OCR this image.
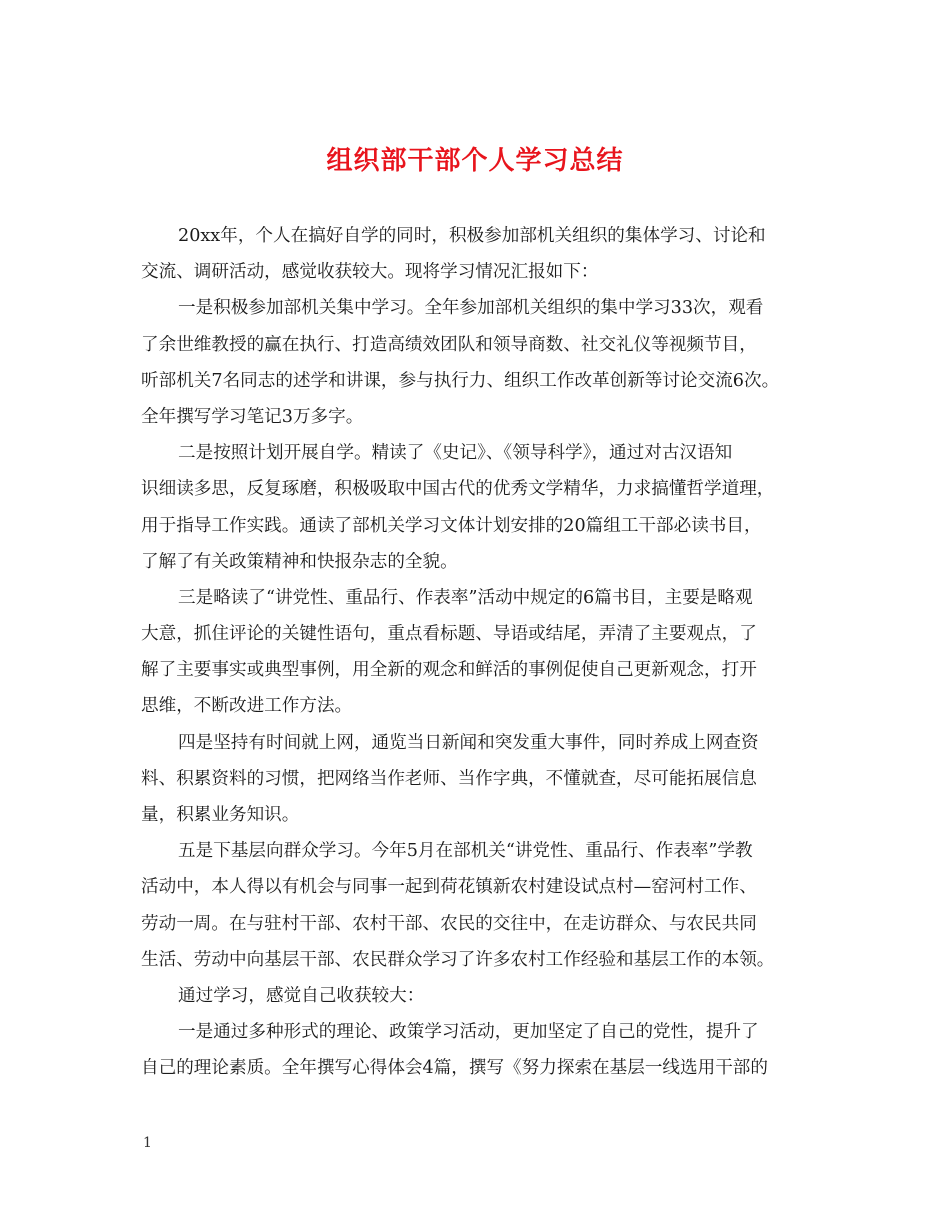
组织部干部个人学习总结
20xx年，个人在搞好自学的同时，积极参加部机关组织的集体学习、讨论和
交流、调研活动，感觉收获较大。现将学习情况汇报如下：
一是积极参加部机关集中学习。全年参加部机关组织的集中学习33次，观看
了余世维教授的赢在执行、打造高绩效团队和领导商数、社交礼仪等视频节目，
听部机关7名同志的述学和讲课，参与执行力、组织工作改革创新等讨论交流6次。
全年撰写学习笔记3万多字。
二是按照计划开展自学。精读了《史记》、《领导科学》，通过对古汉语知
识细读多思，反复琢磨，积极吸取中国古代的优秀文学精华，力求搞懂哲学道理，
用于指导工作实践。通读了部机关学习文体计划安排的20篇组工干部必读书目，
了解了有关政策精神和快报杂志的全貌。
三是略读了“讲党性、重品行、作表率”活动中规定的6篇书目，主要是略观
大意，抓住评论的关键性语句，重点看标题、导语或结尾，弄清了主要观点，了
解了主要事实或典型事例，用全新的观念和鲜活的事例促使自己更新观念，打开
思维，不断改进工作方法。
四是坚持有时间就上网，通览当日新闻和突发重大事件，同时养成上网查资
料、积累资料的习惯，把网络当作老师、当作字典，不懂就查，尽可能拓展信息
量，积累业务知识。
五是下基层向群众学习。今年5月在部机关“讲党性、重品行、作表率”学教
活动中，本人得以有机会与同事一起到荷花镇新农村建设试点村—窑河村工作、
劳动一周。在与驻村干部、农村干部、农民的交往中，在走访群众、与农民共同
生活、劳动中向基层干部、农民群众学习了许多农村工作经验和基层工作的本领。
通过学习，感觉自己收获较大：
一是通过多种形式的理论、政策学习活动，更加坚定了自己的党性，提升了
自己的理论素质。全年撰写心得体会4篇，撰写《努力探索在基层一线选用干部的
1
